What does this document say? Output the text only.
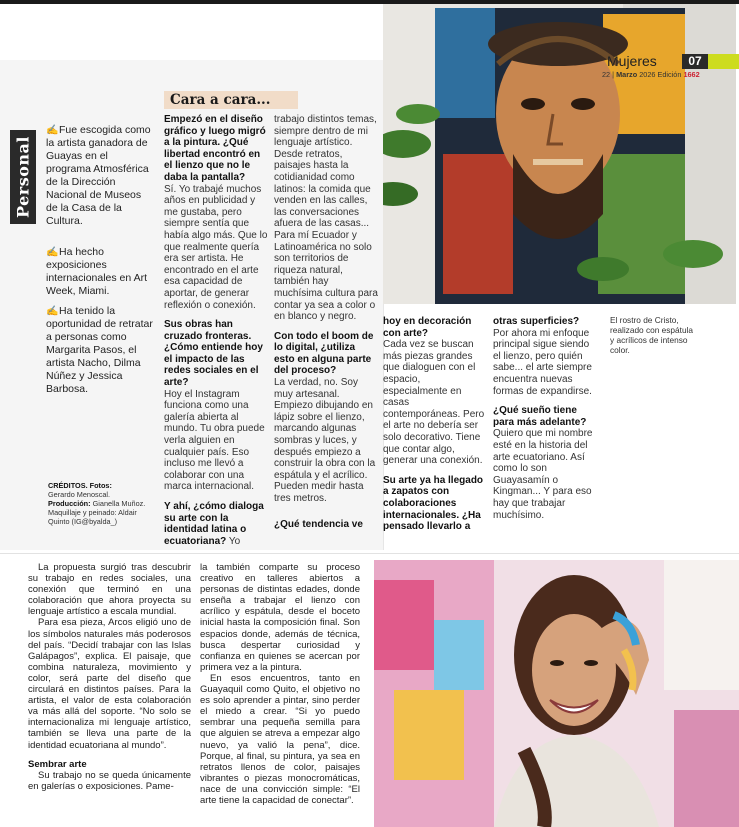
Personal
✍Fue escogida como la artista ganadora de Guayas en el programa Atmosférica de la Dirección Nacional de Museos de la Casa de la Cultura.
✍Ha hecho exposiciones internacionales en Art Week, Miami.
✍Ha tenido la oportunidad de retratar a personas como Margarita Pasos, el artista Nacho, Dilma Núñez y Jessica Barbosa.
CRÉDITOS. Fotos:
Gerardo Menoscal.
Producción: Gianella Muñoz. Maquillaje y peinado: Aldair Quinto (IG@byalda_)
Cara a cara...

Empezó en el diseño gráfico y luego migró a la pintura. ¿Qué libertad encontró en el lienzo que no le daba la pantalla?
Sí. Yo trabajé muchos años en publicidad y me gustaba, pero siempre sentía que había algo más. Que lo que realmente quería era ser artista. He encontrado en el arte esa capacidad de aportar, de generar reflexión o conexión.

Sus obras han cruzado fronteras. ¿Cómo entiende hoy el impacto de las redes sociales en el arte?
Hoy el Instagram funciona como una galería abierta al mundo. Tu obra puede verla alguien en cualquier país. Eso incluso me llevó a colaborar con una marca internacional.

Y ahí, ¿cómo dialoga su arte con la identidad latina o ecuatoriana? Yo

trabajo distintos temas, siempre dentro de mi lenguaje artístico. Desde retratos, paisajes hasta la cotidianidad como latinos: la comida que venden en las calles, las conversaciones afuera de las casas... Para mí Ecuador y Latinoamérica no solo son territorios de riqueza natural, también hay muchísima cultura para contar ya sea a color o en blanco y negro.

Con todo el boom de lo digital, ¿utiliza esto en alguna parte del proceso?
La verdad, no. Soy muy artesanal. Empiezo dibujando en lápiz sobre el lienzo, marcando algunas sombras y luces, y después empiezo a construir la obra con la espátula y el acrílico. Pueden medir hasta tres metros.

¿Qué tendencia ve

hoy en decoración con arte?
Cada vez se buscan más piezas grandes que dialoguen con el espacio, especialmente en casas contemporáneas. Pero el arte no debería ser solo decorativo. Tiene que contar algo, generar una conexión.

Su arte ya ha llegado a zapatos con colaboraciones internacionales. ¿Ha pensado llevarlo a

otras superficies?
Por ahora mi enfoque principal sigue siendo el lienzo, pero quién sabe... el arte siempre encuentra nuevas formas de expandirse.

¿Qué sueño tiene para más adelante?
Quiero que mi nombre esté en la historia del arte ecuatoriano. Así como lo son Guayasamín o Kingman... Y para eso hay que trabajar muchísimo.

Mujeres	07
22 | Marzo 2026 Edición 1662
El rostro de Cristo, realizado con espátula y acrílicos de intenso color.

La propuesta surgió tras descubrir su trabajo en redes sociales, una conexión que terminó en una colaboración que ahora proyecta su lenguaje artístico a escala mundial.

Para esa pieza, Arcos eligió uno de los símbolos naturales más poderosos del país. “Decidí trabajar con las Islas Galápagos”, explica. El paisaje, que combina naturaleza, movimiento y color, será parte del diseño que circulará en distintos países. Para la artista, el valor de esta colaboración va más allá del soporte. “No solo se internacionaliza mi lenguaje artístico, también se lleva una parte de la identidad ecuatoriana al mundo”.

Sembrar arte

Su trabajo no se queda únicamente en galerías o exposiciones. Pame-

la también comparte su proceso creativo en talleres abiertos a personas de distintas edades, donde enseña a trabajar el lienzo con acrílico y espátula, desde el boceto inicial hasta la composición final. Son espacios donde, además de técnica, busca despertar curiosidad y confianza en quienes se acercan por primera vez a la pintura.

En esos encuentros, tanto en Guayaquil como Quito, el objetivo no es solo aprender a pintar, sino perder el miedo a crear. “Si yo puedo sembrar una pequeña semilla para que alguien se atreva a empezar algo nuevo, ya valió la pena”, dice. Porque, al final, su pintura, ya sea en retratos llenos de color, paisajes vibrantes o piezas monocromáticas, nace de una convicción simple: “El arte tiene la capacidad de conectar”.
